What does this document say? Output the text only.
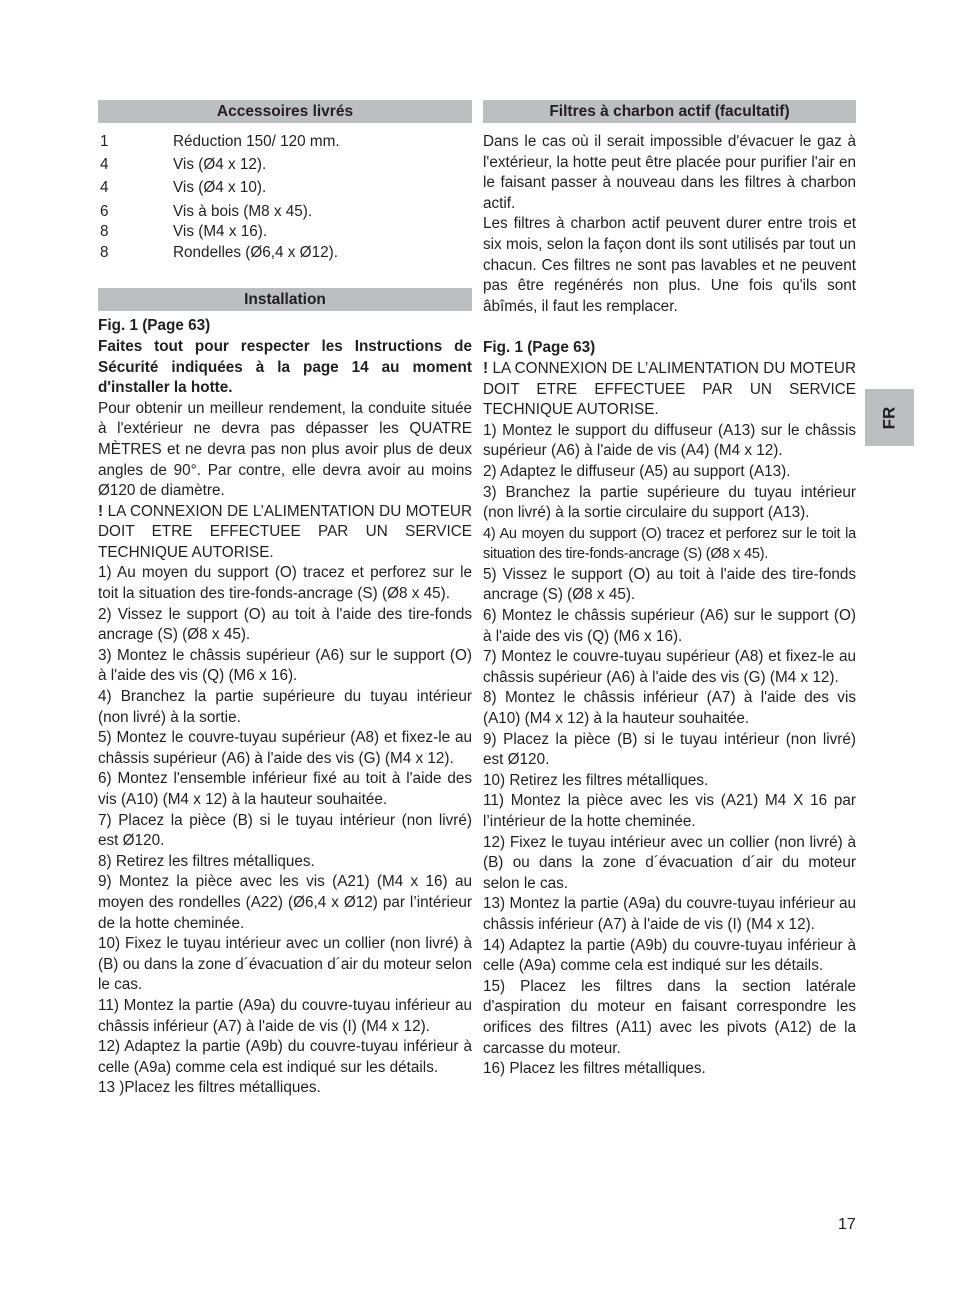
Accessoires livrés
1	Réduction 150/ 120 mm.
4	Vis (Ø4 x 12).
4	Vis (Ø4 x 10).
6	Vis à bois (M8 x 45).
8	Vis (M4 x 16).
8	Rondelles (Ø6,4 x Ø12).
Installation

Fig. 1 (Page 63)

Faites tout pour respecter les Instructions de Sécurité indiquées à la page 14 au moment d'installer la hotte.

Pour obtenir un meilleur rendement, la conduite située à l'extérieur ne devra pas dépasser les QUATRE MÈTRES et ne devra pas non plus avoir plus de deux angles de 90°. Par contre, elle devra avoir au moins Ø120 de diamètre.

! LA CONNEXION DE L’ALIMENTATION DU MOTEUR DOIT ETRE EFFECTUEE PAR UN SERVICE TECHNIQUE AUTORISE.

1) Au moyen du support (O) tracez et perforez sur le toit la situation des tire-fonds-ancrage (S) (Ø8 x 45).

2) Vissez le support (O) au toit à l'aide des tire-fonds ancrage (S) (Ø8 x 45).

3) Montez le châssis supérieur (A6) sur le support (O) à l'aide des vis (Q) (M6 x 16).

4) Branchez la partie supérieure du tuyau intérieur (non livré) à la sortie.

5) Montez le couvre-tuyau supérieur (A8) et fixez-le au châssis supérieur (A6) à l'aide des vis (G) (M4 x 12).

6) Montez l'ensemble inférieur fixé au toit à l'aide des vis (A10) (M4 x 12) à la hauteur souhaitée.

7) Placez la pièce (B) si le tuyau intérieur (non livré) est Ø120.

8) Retirez les filtres métalliques.

9) Montez la pièce avec les vis (A21) (M4 x 16) au moyen des rondelles (A22) (Ø6,4 x Ø12) par l’intérieur de la hotte cheminée.

10) Fixez le tuyau intérieur avec un collier (non livré) à (B) ou dans la zone d´évacuation d´air du moteur selon le cas.

11) Montez la partie (A9a) du couvre-tuyau inférieur au châssis inférieur (A7) à l'aide de vis (I) (M4 x 12).

12) Adaptez la partie (A9b) du couvre-tuyau inférieur à celle (A9a) comme cela est indiqué sur les détails.

13 )Placez les filtres métalliques.

Filtres à charbon actif (facultatif)

Dans le cas où il serait impossible d'évacuer le gaz à l'extérieur, la hotte peut être placée pour purifier l'air en le faisant passer à nouveau dans les filtres à charbon actif.

Les filtres à charbon actif peuvent durer entre trois et six mois, selon la façon dont ils sont utilisés par tout un chacun. Ces filtres ne sont pas lavables et ne peuvent pas être regénérés non plus. Une fois qu'ils sont âbîmés, il faut les remplacer.

Fig. 1 (Page 63)

! LA CONNEXION DE L’ALIMENTATION DU MOTEUR DOIT ETRE EFFECTUEE PAR UN SERVICE TECHNIQUE AUTORISE.

1) Montez le support du diffuseur (A13) sur le châssis supérieur (A6) à l'aide de vis (A4) (M4 x 12).

2) Adaptez le diffuseur (A5) au support (A13).

3) Branchez la partie supérieure du tuyau intérieur (non livré) à la sortie circulaire du support (A13).

4) Au moyen du support (O) tracez et perforez sur le toit la situation des tire-fonds-ancrage (S) (Ø8 x 45).

5) Vissez le support (O) au toit à l'aide des tire-fonds ancrage (S) (Ø8 x 45).

6) Montez le châssis supérieur (A6) sur le support (O) à l'aide des vis (Q) (M6 x 16).

7) Montez le couvre-tuyau supérieur (A8) et fixez-le au châssis supérieur (A6) à l'aide des vis (G) (M4 x 12).

8) Montez le châssis inférieur (A7) à l'aide des vis (A10) (M4 x 12) à la hauteur souhaitée.

9) Placez la pièce (B) si le tuyau intérieur (non livré) est Ø120.

10) Retirez les filtres métalliques.

11) Montez la pièce avec les vis (A21) M4 X 16 par l’intérieur de la hotte cheminée.

12) Fixez le tuyau intérieur avec un collier (non livré) à (B) ou dans la zone d´évacuation d´air du moteur selon le cas.

13) Montez la partie (A9a) du couvre-tuyau inférieur au châssis inférieur (A7) à l'aide de vis (I) (M4 x 12).

14) Adaptez la partie (A9b) du couvre-tuyau inférieur à celle (A9a) comme cela est indiqué sur les détails.

15) Placez les filtres dans la section latérale d'aspiration du moteur en faisant correspondre les orifices des filtres (A11) avec les pivots (A12) de la carcasse du moteur.

16) Placez les filtres métalliques.

FR
17
